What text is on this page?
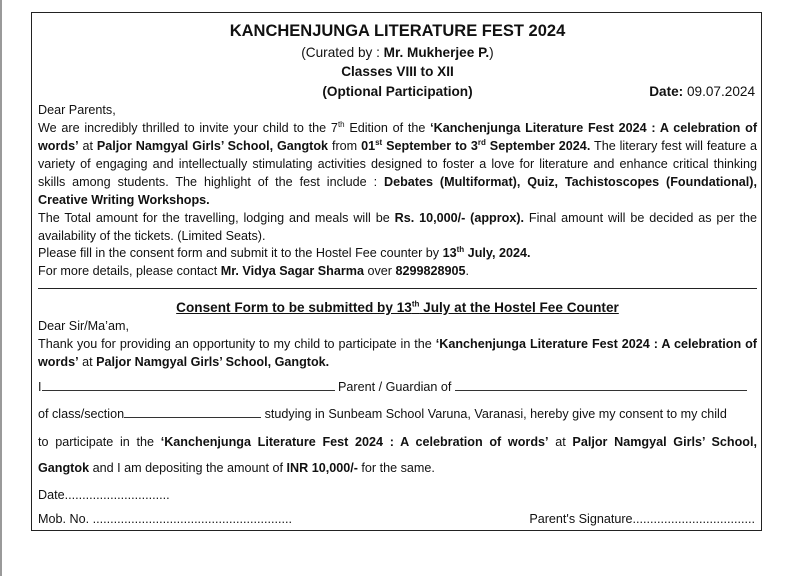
KANCHENJUNGA LITERATURE FEST 2024
(Curated by : Mr. Mukherjee P.)
Classes VIII to XII
(Optional Participation)	Date: 09.07.2024
Dear Parents,
We are incredibly thrilled to invite your child to the 7th Edition of the ‘Kanchenjunga Literature Fest 2024 : A celebration of words’ at Paljor Namgyal Girls’ School, Gangtok from 01st September to 3rd September 2024. The literary fest will feature a variety of engaging and intellectually stimulating activities designed to foster a love for literature and enhance critical thinking skills among students. The highlight of the fest include : Debates (Multiformat), Quiz, Tachistoscopes (Foundational), Creative Writing Workshops.
The Total amount for the travelling, lodging and meals will be Rs. 10,000/- (approx). Final amount will be decided as per the availability of the tickets. (Limited Seats).
Please fill in the consent form and submit it to the Hostel Fee counter by 13th July, 2024.
For more details, please contact Mr. Vidya Sagar Sharma over 8299828905.
Consent Form to be submitted by 13th July at the Hostel Fee Counter
Dear Sir/Ma’am,
Thank you for providing an opportunity to my child to participate in the ‘Kanchenjunga Literature Fest 2024 : A celebration of words’ at Paljor Namgyal Girls’ School, Gangtok.
I	Parent / Guardian of
of class/section	studying in Sunbeam School Varuna, Varanasi, hereby give my consent to my child
to participate in the ‘Kanchenjunga Literature Fest 2024 : A celebration of words’ at Paljor Namgyal Girls’ School,
Gangtok and I am depositing the amount of INR 10,000/- for the same.
Date..............................
Mob. No. .........................................................	Parent's Signature...................................
